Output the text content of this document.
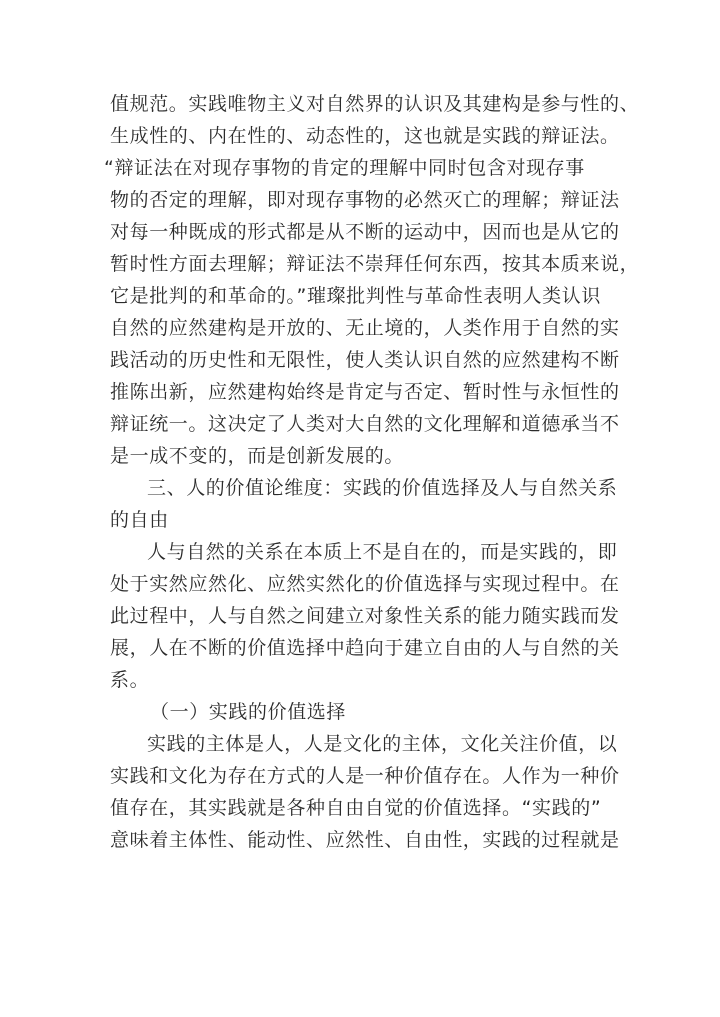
值规范。实践唯物主义对自然界的认识及其建构是参与性的、
生成性的、内在性的、动态性的，这也就是实践的辩证法。
“辩证法在对现存事物的肯定的理解中同时包含对现存事
物的否定的理解，即对现存事物的必然灭亡的理解；辩证法
对每一种既成的形式都是从不断的运动中，因而也是从它的
暂时性方面去理解；辩证法不崇拜任何东西，按其本质来说，
它是批判的和革命的。”璀璨批判性与革命性表明人类认识
自然的应然建构是开放的、无止境的，人类作用于自然的实
践活动的历史性和无限性，使人类认识自然的应然建构不断
推陈出新，应然建构始终是肯定与否定、暂时性与永恒性的
辩证统一。这决定了人类对大自然的文化理解和道德承当不
是一成不变的，而是创新发展的。
三、人的价值论维度：实践的价值选择及人与自然关系
的自由
人与自然的关系在本质上不是自在的，而是实践的，即
处于实然应然化、应然实然化的价值选择与实现过程中。在
此过程中，人与自然之间建立对象性关系的能力随实践而发
展，人在不断的价值选择中趋向于建立自由的人与自然的关
系。
（一）实践的价值选择
实践的主体是人，人是文化的主体，文化关注价值，以
实践和文化为存在方式的人是一种价值存在。人作为一种价
值存在，其实践就是各种自由自觉的价值选择。“实践的”
意味着主体性、能动性、应然性、自由性，实践的过程就是
